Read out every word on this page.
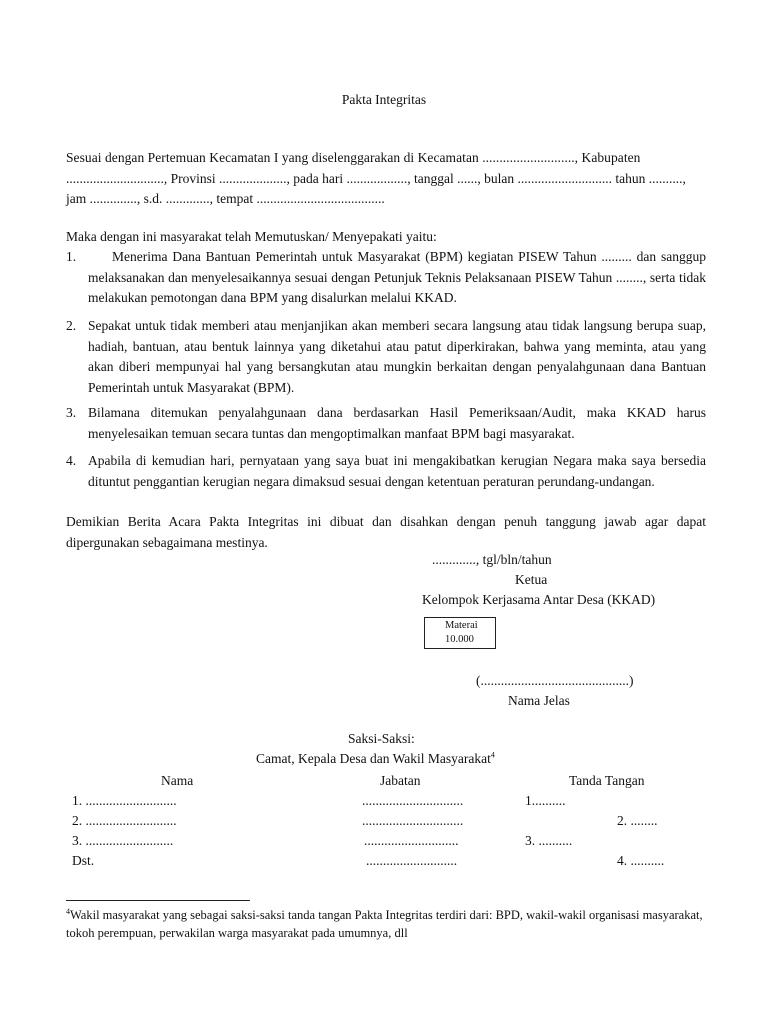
Pakta Integritas
Sesuai dengan Pertemuan Kecamatan I yang diselenggarakan di Kecamatan ..........................., Kabupaten
............................., Provinsi ...................., pada hari .................., tanggal ......, bulan ............................ tahun ..........,
jam .............., s.d. ............., tempat ......................................
Maka dengan ini masyarakat telah Memutuskan/ Menyepakati yaitu:
1.	Menerima Dana Bantuan Pemerintah untuk Masyarakat (BPM) kegiatan PISEW Tahun ......... dan sanggup melaksanakan dan menyelesaikannya sesuai dengan Petunjuk Teknis Pelaksanaan PISEW Tahun ........, serta tidak melakukan pemotongan dana BPM yang disalurkan melalui KKAD.
2. Sepakat untuk tidak memberi atau menjanjikan akan memberi secara langsung atau tidak langsung berupa suap, hadiah, bantuan, atau bentuk lainnya yang diketahui atau patut diperkirakan, bahwa yang meminta, atau yang akan diberi mempunyai hal yang bersangkutan atau mungkin berkaitan dengan penyalahgunaan dana Bantuan Pemerintah untuk Masyarakat (BPM).
3. Bilamana ditemukan penyalahgunaan dana berdasarkan Hasil Pemeriksaan/Audit, maka KKAD harus menyelesaikan temuan secara tuntas dan mengoptimalkan manfaat BPM bagi masyarakat.
4. Apabila di kemudian hari, pernyataan yang saya buat ini mengakibatkan kerugian Negara maka saya bersedia dituntut penggantian kerugian negara dimaksud sesuai dengan ketentuan peraturan perundang-undangan.
Demikian Berita Acara Pakta Integritas ini dibuat dan disahkan dengan penuh tanggung jawab agar dapat dipergunakan sebagaimana mestinya.
............., tgl/bln/tahun
Ketua
Kelompok Kerjasama Antar Desa (KKAD)
Materai
10.000
(............................................)
Nama Jelas
Saksi-Saksi:
Camat, Kepala Desa dan Wakil Masyarakat$^4$
Nama	Jabatan	Tanda Tangan
1. ...........................	..............................	1..........
2. ...........................	..............................	2. ........
3. ..........................	............................	3. ..........
Dst.	...........................	4. ..........
$^4$Wakil masyarakat yang sebagai saksi-saksi tanda tangan Pakta Integritas terdiri dari: BPD, wakil-wakil organisasi masyarakat, tokoh perempuan, perwakilan warga masyarakat pada umumnya, dll
